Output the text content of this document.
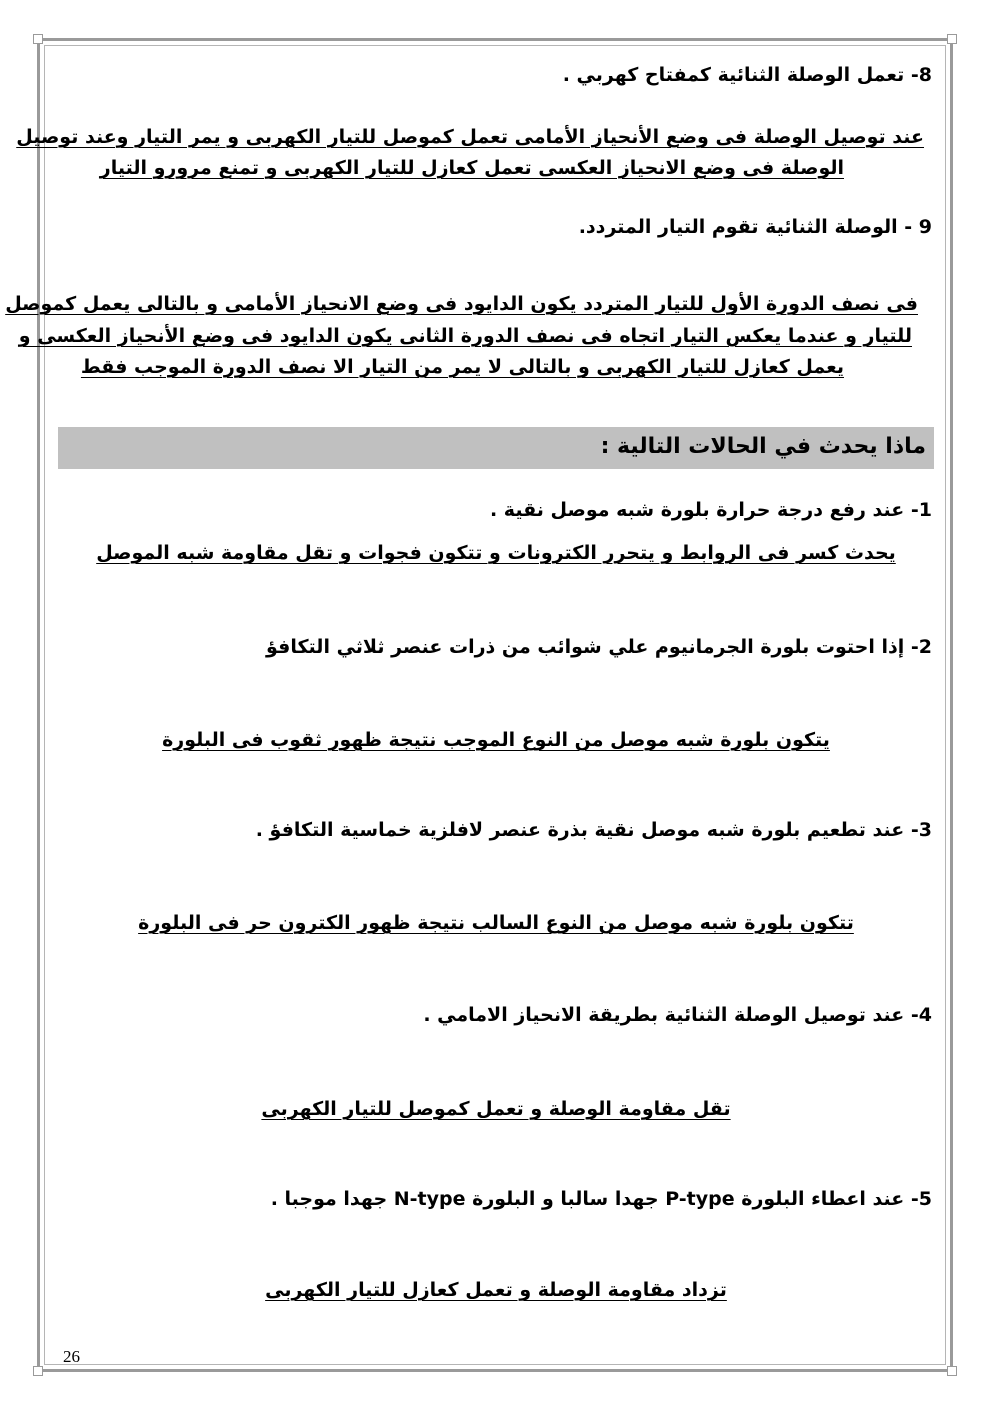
8- تعمل الوصلة الثنائية كمفتاح كهربي .
عند توصيل الوصلة فى وضع الأنحياز الأمامى تعمل كموصل للتيار الكهربى و يمر التيار وعند توصيل
الوصلة فى وضع الانحياز العكسى تعمل كعازل للتيار الكهربى و تمنع مرورو التيار
9 - الوصلة الثنائية تقوم التيار المتردد.
فى نصف الدورة الأول للتيار المتردد يكون الدايود فى وضع الانحياز الأمامى و بالتالى يعمل كموصل
للتيار و عندما يعكس التيار اتجاه فى نصف الدورة الثانى يكون الدايود فى وضع الأنحياز العكسى و
يعمل كعازل للتيار الكهربى و بالتالى لا يمر من التيار الا نصف الدورة الموجب فقط
ماذا يحدث في الحالات التالية :
1- عند رفع درجة حرارة بلورة شبه موصل نقية .
يحدث كسر فى الروابط و يتحرر الكترونات و تتكون فجوات و تقل مقاومة شبه الموصل
2- إذا احتوت بلورة الجرمانيوم علي شوائب من ذرات عنصر ثلاثي التكافؤ
يتكون بلورة شبه موصل من النوع الموجب نتيجة ظهور ثقوب فى البلورة
3- عند تطعيم بلورة شبه موصل نقية بذرة عنصر لافلزية خماسية التكافؤ .
تتكون بلورة شبه موصل من النوع السالب نتيجة ظهور الكترون حر فى البلورة
4- عند توصيل الوصلة الثنائية بطريقة الانحياز الامامي .
تقل مقاومة الوصلة و تعمل كموصل للتيار الكهربى
5- عند اعطاء البلورة P-type جهدا سالبا و البلورة N-type جهدا موجبا .
تزداد مقاومة الوصلة و تعمل كعازل للتيار الكهربى
26
